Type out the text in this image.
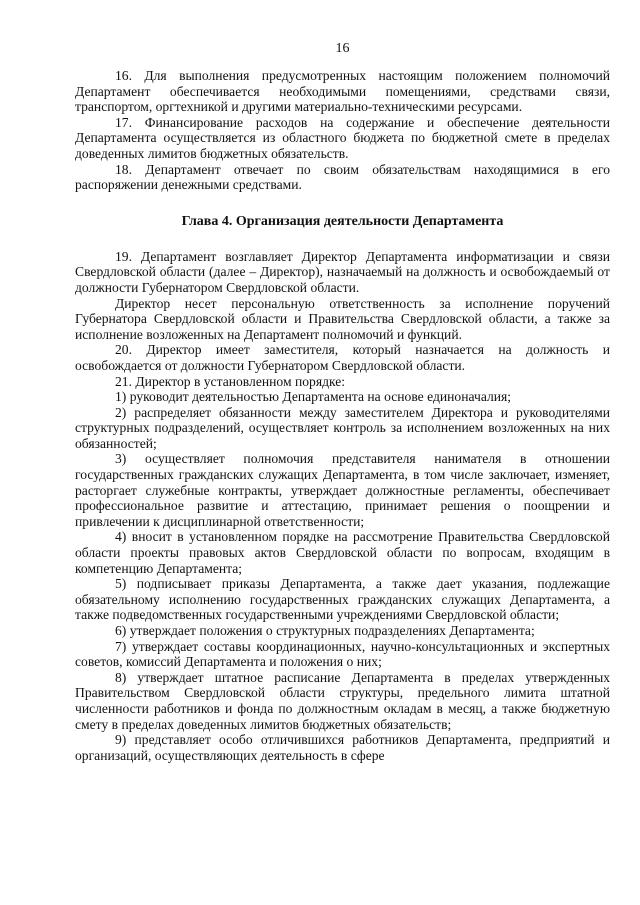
16

16. Для выполнения предусмотренных настоящим положением полномочий Департамент обеспечивается необходимыми помещениями, средствами связи, транспортом, оргтехникой и другими материально-техническими ресурсами.

17. Финансирование расходов на содержание и обеспечение деятельности Департамента осуществляется из областного бюджета по бюджетной смете в пределах доведенных лимитов бюджетных обязательств.

18. Департамент отвечает по своим обязательствам находящимися в его распоряжении денежными средствами.

Глава 4. Организация деятельности Департамента

19. Департамент возглавляет Директор Департамента информатизации и связи Свердловской области (далее – Директор), назначаемый на должность и освобождаемый от должности Губернатором Свердловской области.

Директор несет персональную ответственность за исполнение поручений Губернатора Свердловской области и Правительства Свердловской области, а также за исполнение возложенных на Департамент полномочий и функций.

20. Директор имеет заместителя, который назначается на должность и освобождается от должности Губернатором Свердловской области.

21. Директор в установленном порядке:

1) руководит деятельностью Департамента на основе единоначалия;

2) распределяет обязанности между заместителем Директора и руководителями структурных подразделений, осуществляет контроль за исполнением возложенных на них обязанностей;

3) осуществляет полномочия представителя нанимателя в отношении государственных гражданских служащих Департамента, в том числе заключает, изменяет, расторгает служебные контракты, утверждает должностные регламенты, обеспечивает профессиональное развитие и аттестацию, принимает решения о поощрении и привлечении к дисциплинарной ответственности;

4) вносит в установленном порядке на рассмотрение Правительства Свердловской области проекты правовых актов Свердловской области по вопросам, входящим в компетенцию Департамента;

5) подписывает приказы Департамента, а также дает указания, подлежащие обязательному исполнению государственных гражданских служащих Департамента, а также подведомственных государственными учреждениями Свердловской области;

6) утверждает положения о структурных подразделениях Департамента;

7) утверждает составы координационных, научно-консультационных и экспертных советов, комиссий Департамента и положения о них;

8) утверждает штатное расписание Департамента в пределах утвержденных Правительством Свердловской области структуры, предельного лимита штатной численности работников и фонда по должностным окладам в месяц, а также бюджетную смету в пределах доведенных лимитов бюджетных обязательств;

9) представляет особо отличившихся работников Департамента, предприятий и организаций, осуществляющих деятельность в сфере
